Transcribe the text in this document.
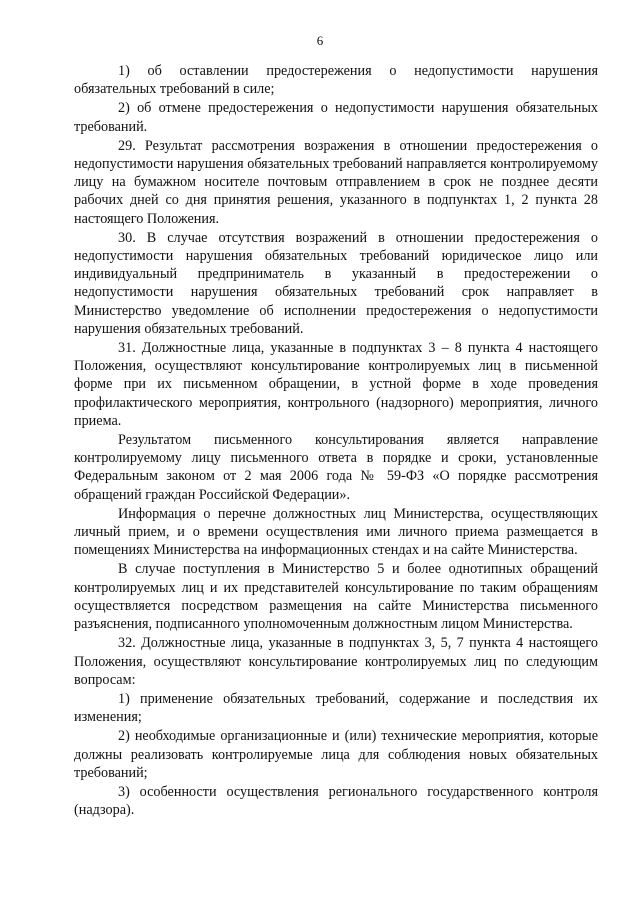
6

1) об оставлении предостережения о недопустимости нарушения обязательных требований в силе;

2) об отмене предостережения о недопустимости нарушения обязательных требований.

29. Результат рассмотрения возражения в отношении предостережения о недопустимости нарушения обязательных требований направляется контролируемому лицу на бумажном носителе почтовым отправлением в срок не позднее десяти рабочих дней со дня принятия решения, указанного в подпунктах 1, 2 пункта 28 настоящего Положения.

30. В случае отсутствия возражений в отношении предостережения о недопустимости нарушения обязательных требований юридическое лицо или индивидуальный предприниматель в указанный в предостережении о недопустимости нарушения обязательных требований срок направляет в Министерство уведомление об исполнении предостережения о недопустимости нарушения обязательных требований.

31. Должностные лица, указанные в подпунктах 3 – 8 пункта 4 настоящего Положения, осуществляют консультирование контролируемых лиц в письменной форме при их письменном обращении, в устной форме в ходе проведения профилактического мероприятия, контрольного (надзорного) мероприятия, личного приема.

Результатом письменного консультирования является направление контролируемому лицу письменного ответа в порядке и сроки, установленные Федеральным законом от 2 мая 2006 года № 59-ФЗ «О порядке рассмотрения обращений граждан Российской Федерации».

Информация о перечне должностных лиц Министерства, осуществляющих личный прием, и о времени осуществления ими личного приема размещается в помещениях Министерства на информационных стендах и на сайте Министерства.

В случае поступления в Министерство 5 и более однотипных обращений контролируемых лиц и их представителей консультирование по таким обращениям осуществляется посредством размещения на сайте Министерства письменного разъяснения, подписанного уполномоченным должностным лицом Министерства.

32. Должностные лица, указанные в подпунктах 3, 5, 7 пункта 4 настоящего Положения, осуществляют консультирование контролируемых лиц по следующим вопросам:

1) применение обязательных требований, содержание и последствия их изменения;

2) необходимые организационные и (или) технические мероприятия, которые должны реализовать контролируемые лица для соблюдения новых обязательных требований;

3) особенности осуществления регионального государственного контроля (надзора).
